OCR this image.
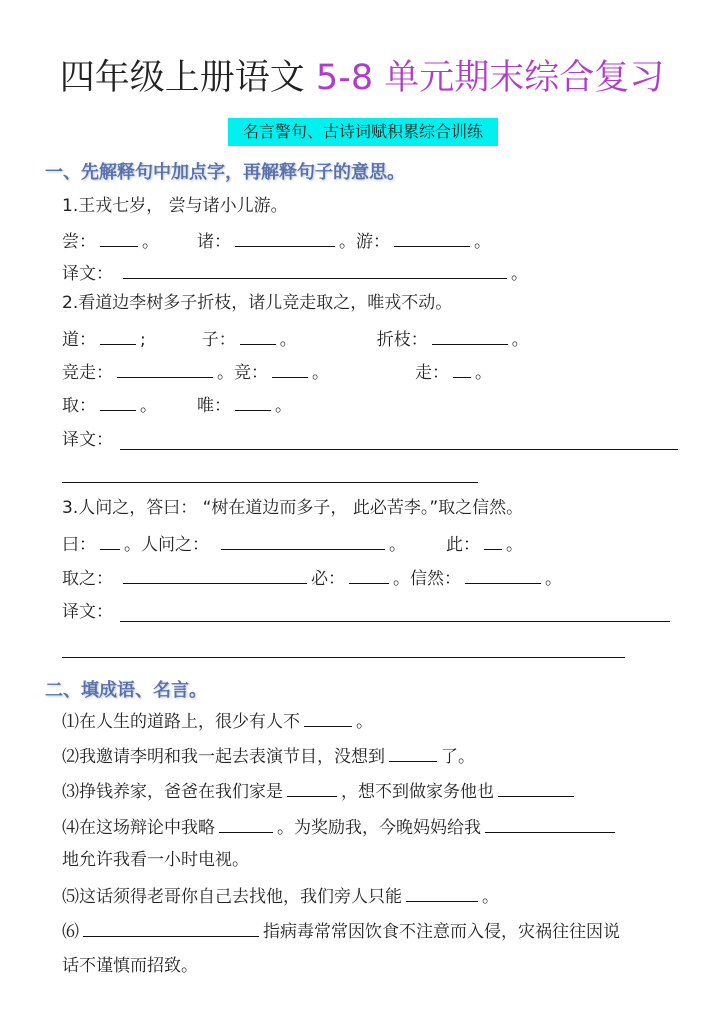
四年级上册语文 5-8 单元期末综合复习
名言警句、古诗词赋积累综合训练
一、先解释句中加点字，再解释句子的意思。
1.王戎七岁， 尝与诸小儿游。
尝：	。 诸：	。游：	。
译文：	。
2.看道边李树多子折枝，诸儿竞走取之，唯戎不动。
道：	;	子：	。	折枝：	。
竞走：	。竞：	。	走： 。
取：	。 唯：	。
译文：
3.人问之，答曰： “树在道边而多子， 此必苦李。”取之信然。
曰： 。人问之：	。 此： 。
取之：	必：	。信然：	。
译文：
二、填成语、名言。
⑴在人生的道路上，很少有人不	。
⑵我邀请李明和我一起去表演节目，没想到	了。
⑶挣钱养家，爸爸在我们家是	，想不到做家务他也
⑷在这场辩论中我略	。为奖励我，今晚妈妈给我
地允许我看一小时电视。
⑸这话须得老哥你自己去找他，我们旁人只能	。
⑹	指病毒常常因饮食不注意而入侵，灾祸往往因说
话不谨慎而招致。
